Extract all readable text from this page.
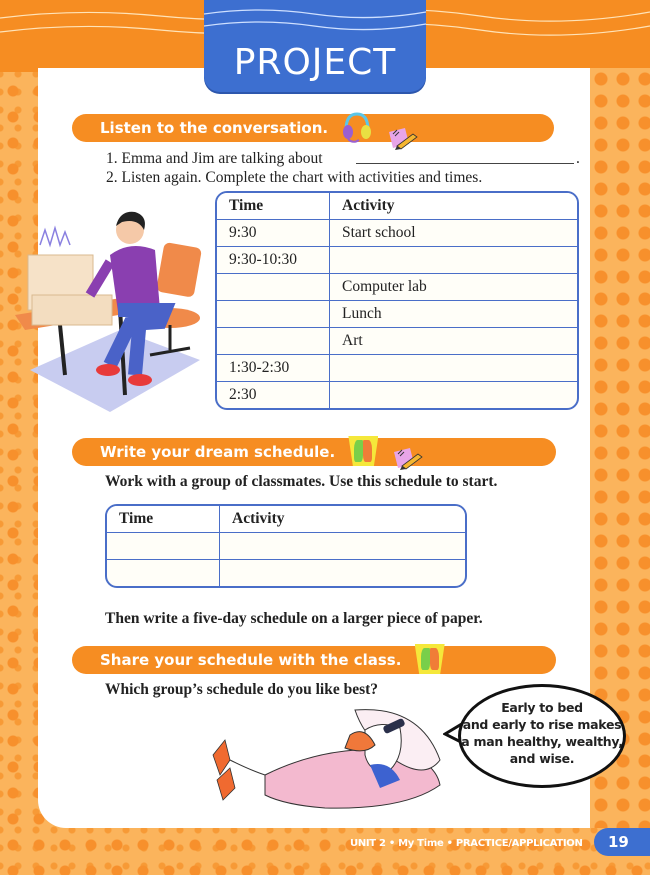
PROJECT
Listen to the conversation.
1. Emma and Jim are talking about	.
2. Listen again. Complete the chart with activities and times.
Time	Activity
9:30	Start school
9:30-10:30	
	Computer lab
	Lunch
	Art
1:30-2:30	
2:30	
Write your dream schedule.
Work with a group of classmates. Use this schedule to start.
Time	Activity

Then write a five-day schedule on a larger piece of paper.
Share your schedule with the class.
Which group’s schedule do you like best?
Early to bed
and early to rise makes
a man healthy, wealthy,
and wise.
UNIT 2 • My Time • PRACTICE/APPLICATION	19
